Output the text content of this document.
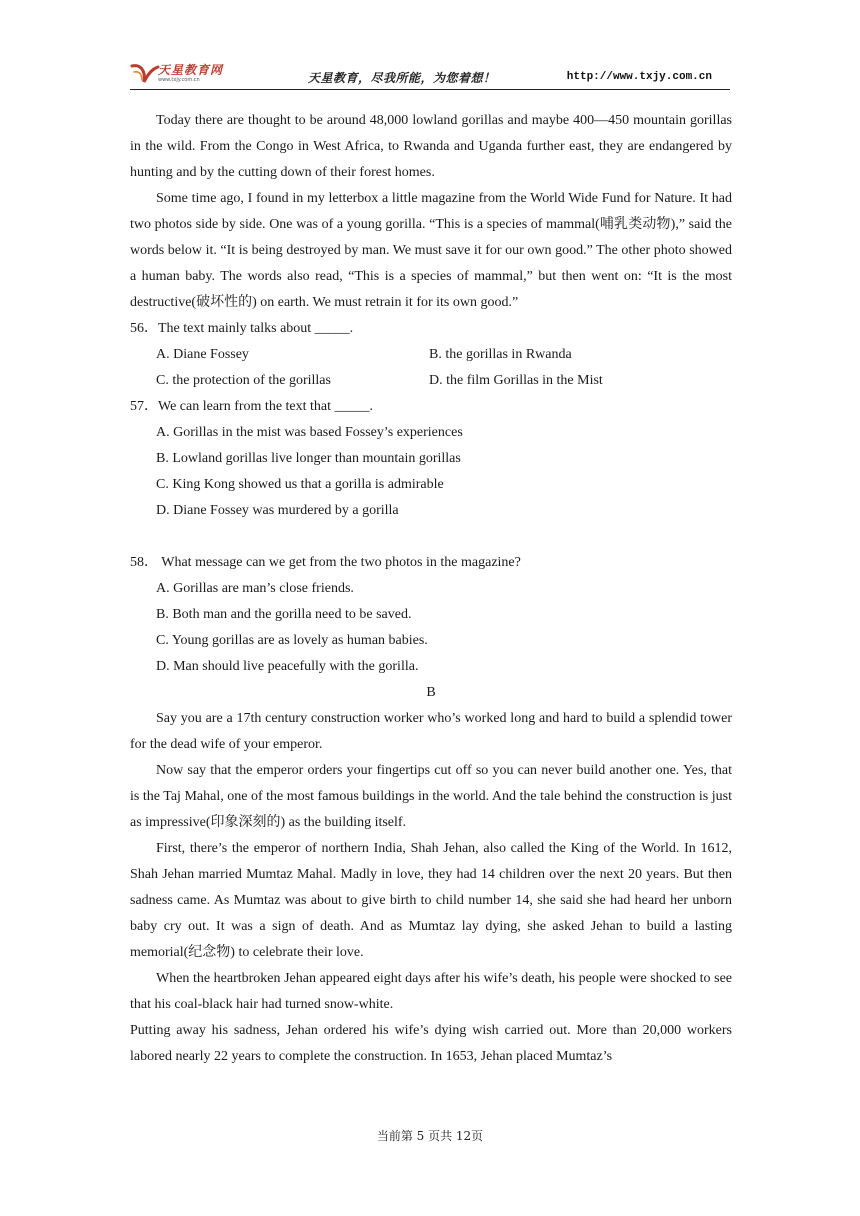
天星教育网
www.txjy.com.cn	天星教育，尽我所能，为您着想！	http://www.txjy.com.cn

Today there are thought to be around 48,000 lowland gorillas and maybe 400—450 mountain gorillas in the wild. From the Congo in West Africa, to Rwanda and Uganda further east, they are endangered by hunting and by the cutting down of their forest homes.

Some time ago, I found in my letterbox a little magazine from the World Wide Fund for Nature. It had two photos side by side. One was of a young gorilla. “This is a species of mammal(哺乳类动物),” said the words below it. “It is being destroyed by man. We must save it for our own good.” The other photo showed a human baby. The words also read, “This is a species of mammal,” but then went on: “It is the most destructive(破坏性的) on earth. We must retrain it for its own good.”

56．The text mainly talks about _____.

A. Diane Fossey	B. the gorillas in Rwanda
C. the protection of the gorillas	D. the film Gorillas in the Mist

57．We can learn from the text that _____.

A. Gorillas in the mist was based Fossey’s experiences

B. Lowland gorillas live longer than mountain gorillas

C. King Kong showed us that a gorilla is admirable

D. Diane Fossey was murdered by a gorilla

58． What message can we get from the two photos in the magazine?

A. Gorillas are man’s close friends.

B. Both man and the gorilla need to be saved.

C. Young gorillas are as lovely as human babies.

D. Man should live peacefully with the gorilla.

B

Say you are a 17th century construction worker who’s worked long and hard to build a splendid tower for the dead wife of your emperor.

Now say that the emperor orders your fingertips cut off so you can never build another one. Yes, that is the Taj Mahal, one of the most famous buildings in the world. And the tale behind the construction is just as impressive(印象深刻的) as the building itself.

First, there’s the emperor of northern India, Shah Jehan, also called the King of the World. In 1612, Shah Jehan married Mumtaz Mahal. Madly in love, they had 14 children over the next 20 years. But then sadness came. As Mumtaz was about to give birth to child number 14, she said she had heard her unborn baby cry out. It was a sign of death. And as Mumtaz lay dying, she asked Jehan to build a lasting memorial(纪念物) to celebrate their love.

When the heartbroken Jehan appeared eight days after his wife’s death, his people were shocked to see that his coal-black hair had turned snow-white.

Putting away his sadness, Jehan ordered his wife’s dying wish carried out. More than 20,000 workers labored nearly 22 years to complete the construction. In 1653, Jehan placed Mumtaz’s

当前第 5 页共 12页
